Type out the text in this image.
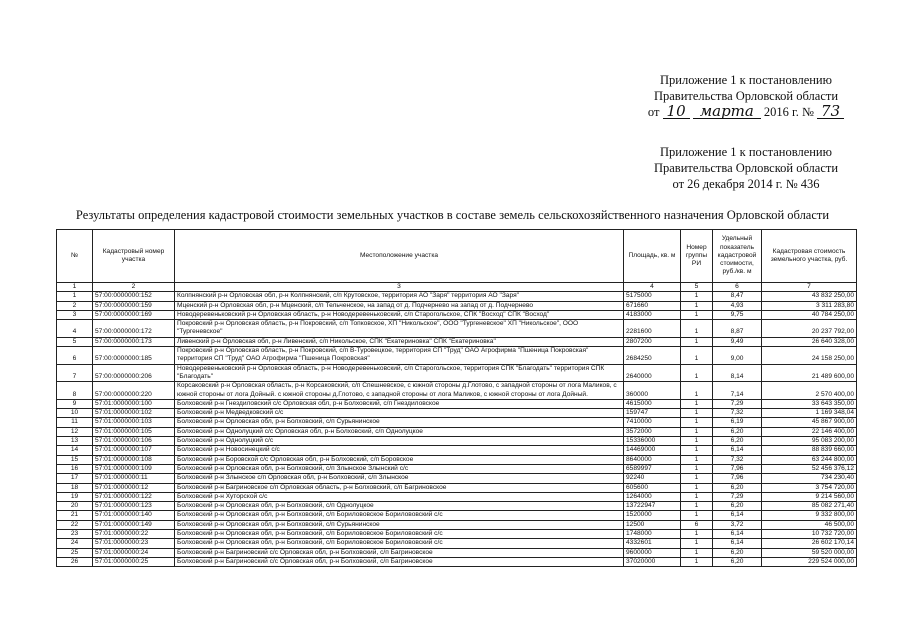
Приложение 1 к постановлению
Правительства Орловской области
от 10 марта 2016 г. № 73
Приложение 1 к постановлению
Правительства Орловской области
от 26 декабря 2014 г. № 436
Результаты определения кадастровой стоимости земельных участков в составе земель сельскохозяйственного назначения Орловской области
№	Кадастровый номер участка	Местоположение участка	Площадь, кв. м	Номер группы РИ	Удельный показатель кадастровой стоимости, руб./кв. м	Кадастровая стоимость земельного участка, руб.
1	2	3	4	5	6	7
1	57:00:0000000:152	Колпнянский р-н Орловская обл, р-н Колпнянский, с/п Крутовское, территория АО "Заря" территория АО "Заря"	5175000	1	8,47	43 832 250,00
2	57:00:0000000:159	Мценский р-н Орловская обл, р-н Мценский, с/п Тельченское, на запад от д. Подчернево на запад от д. Подчернево	671660	1	4,93	3 311 283,80
3	57:00:0000000:169	Новодеревеньковский р-н Орловская область, р-н Новодеревеньковский, с/п Старогольское, СПК "Восход" СПК "Восход"	4183000	1	9,75	40 784 250,00
4	57:00:0000000:172	Покровский р-н Орловская область, р-н Покровский, с/п Топковское, ХП "Никольское", ООО "Тургеневское" ХП "Никольское", ООО "Тургеневское"	2281600	1	8,87	20 237 792,00
5	57:00:0000000:173	Ливенский р-н Орловская обл, р-н Ливенский, с/п Никольское, СПК "Екатериновка" СПК "Екатериновка"	2807200	1	9,49	26 640 328,00
6	57:00:0000000:185	Покровский р-н Орловская область, р-н Покровский, с/п В-Туровецкое, территория СП "Труд" ОАО Агрофирма "Пшеница Покровская" территория СП "Труд" ОАО Агрофирма "Пшеница Покровская"	2684250	1	9,00	24 158 250,00
7	57:00:0000000:206	Новодеревеньковский р-н Орловская область, р-н Новодеревеньковский, с/п Старогольское, территория СПК "Благодать" территория СПК "Благодать"	2640000	1	8,14	21 489 600,00
8	57:00:0000000:220	Корсаковский р-н Орловская область, р-н Корсаковский, с/п Спешневское, с южной стороны д.Глотово, с западной стороны от лога Маликов, с южной стороны от лога Дойный. с южной стороны д.Глотово, с западной стороны от лога Маликов, с южной стороны от лога Дойный.	360000	1	7,14	2 570 400,00
9	57:01:0000000:100	Болховский р-н Гнездиловский с/с Орловская обл, р-н Болховский, с/п Гнездиловское	4615000	1	7,29	33 643 350,00
10	57:01:0000000:102	Болховский р-н Медведковский с/с	159747	1	7,32	1 169 348,04
11	57:01:0000000:103	Болховский р-н Орловская обл, р-н Болховский, с/п Сурьянинское	7410000	1	6,19	45 867 900,00
12	57:01:0000000:105	Болховский р-н Однолуцкий с/с Орловская обл, р-н Болховский, с/п Однолуцкое	3572000	1	6,20	22 146 400,00
13	57:01:0000000:106	Болховский р-н Однолуцкий с/с	15336000	1	6,20	95 083 200,00
14	57:01:0000000:107	Болховский р-н Новосинецкий с/с	14469000	1	6,14	88 839 660,00
15	57:01:0000000:108	Болховский р-н Боровской с/с Орловская обл, р-н Болховский, с/п Боровское	8640000	1	7,32	63 244 800,00
16	57:01:0000000:109	Болховский р-н Орловская обл, р-н Болховский, с/п Злынское Злынский с/с	6589997	1	7,96	52 456 376,12
17	57:01:0000000:11	Болховский р-н Злынское с/п Орловская обл, р-н Болховский, с/п Злынское	92240	1	7,96	734 230,40
18	57:01:0000000:12	Болховский р-н Багриновское с/п Орловская область, р-н Болховский, с/п Багриновское	605600	1	6,20	3 754 720,00
19	57:01:0000000:122	Болховский р-н Хуторской с/с	1264000	1	7,29	9 214 560,00
20	57:01:0000000:123	Болховский р-н Орловская обл, р-н Болховский, с/п Однолуцкое	13722947	1	6,20	85 082 271,40
21	57:01:0000000:140	Болховский р-н Орловская обл, р-н Болховский, с/п Борилововское Борилововский с/с	1520000	1	6,14	9 332 800,00
22	57:01:0000000:149	Болховский р-н Орловская обл, р-н Болховский, с/п Сурьянинское	12500	6	3,72	46 500,00
23	57:01:0000000:22	Болховский р-н Орловская обл, р-н Болховский, с/п Борилововское Борилововский с/с	1748000	1	6,14	10 732 720,00
24	57:01:0000000:23	Болховский р-н Орловская обл, р-н Болховский, с/п Борилововское Борилововский с/с	4332601	1	6,14	26 602 170,14
25	57:01:0000000:24	Болховский р-н Багриновский с/с Орловская обл, р-н Болховский, с/п Багриновское	9600000	1	6,20	59 520 000,00
26	57:01:0000000:25	Болховский р-н Багриновский с/с Орловская обл, р-н Болховский, с/п Багриновское	37020000	1	6,20	229 524 000,00
